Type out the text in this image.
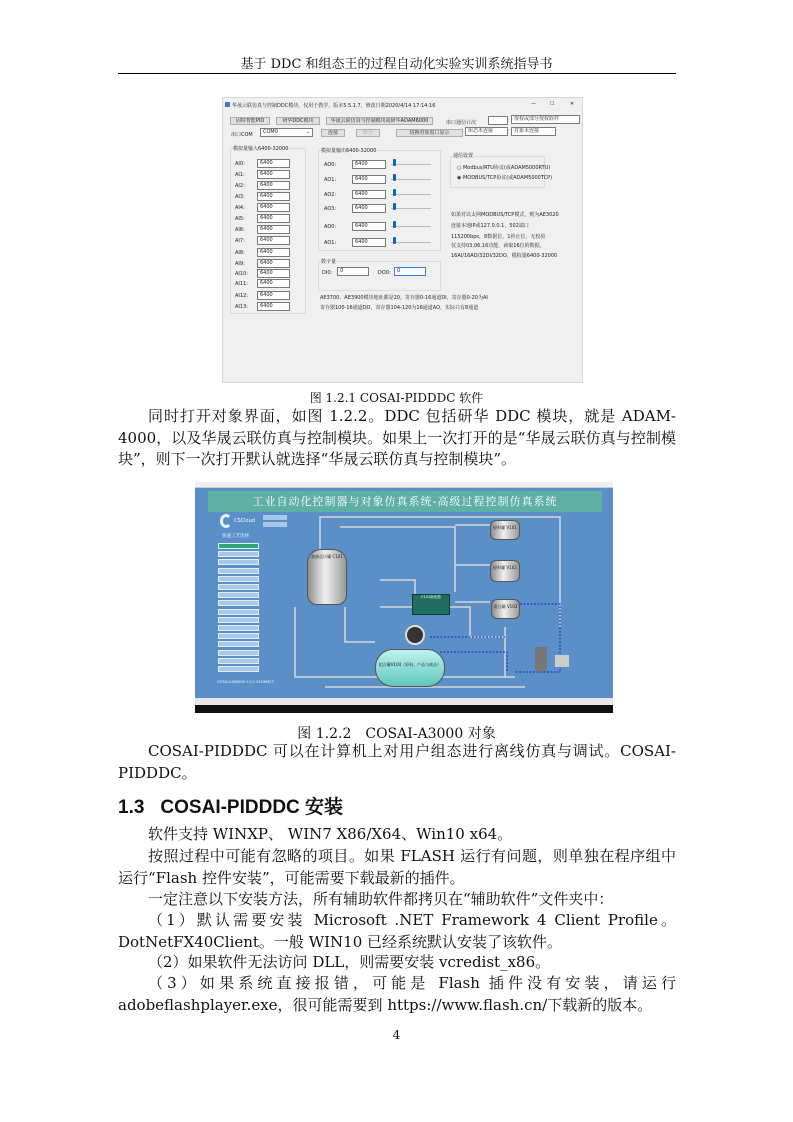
基于 DDC 和组态王的过程自动化实验实训系统指导书
华晟云联仿真与控制DDC模块，仅用于教学，版本5.5.1.7，修改日期2020/4/14 17:14:16	—	☐	✕
固特智能PID	研华DDC模块	华晟云联仿真与控制模块或研华ADAM6000	串口通信计次
授权或部分授权软件
串口COM	COM0	⌄	连接	断开	切换对象窗口显示	组态未连接	对象未连接
模拟量输入6400-32000	模拟量输出6400-32000
数字量
DI0:	0	DO0:	0
AE3700、AE3900模块地址都是20，寄存器0-16通道DI，寄存器0-20为AI
寄存器100-16通道DO，寄存器104-120为16通道AO，实际只有8通道
通信设置
○ Modbus/RTU协议(或ADAM5000RTU)
◉ MODBUS/TCP协议(或ADAM5000TCP)
如果对以太网MODBUS/TCP模式，则为AE3020
连接本地IP或127.0.0.1，502端口
115200bps，8数据位，1停止位，无校验
仅支持03,06,16功能，读取16位的数据，
16AI/16AO/32DI/32DO，模拟量6400-32000
AI0:	6400
AI1:	6400
AI2:	6400
AI3:	6400
AI4:	6400
AI5:	6400
AI6:	6400
AI7:	6400
AI8:	6400
AI9:	6400
AI10:	6400
AI11:	6400
AI12:	6400
AI13:	6400
AO0:	6400
AO1:	6400
AO2:	6400
AO3:	6400
AO0:	6400
AO1:	6400
图 1.2.1 COSAI-PIDDDC 软件
同时打开对象界面，如图 1.2.2。DDC 包括研华 DDC 模块，就是 ADAM-4000，以及华晟云联仿真与控制模块。如果上一次打开的是“华晟云联仿真与控制模块”，则下一次打开默认就选择“华晟云联仿真与控制模块”。
工业自动化控制器与对象仿真系统-高级过程控制仿真系统
CSCloud
快速工艺选择
COSAI A3000V5 1.0.1 20190617
加热反应罐 C101
原料罐 V101
原料罐 V102
混合罐 V103
组合罐V104（原料、产品与废品）
E101换热器
图 1.2.2　COSAI-A3000 对象
COSAI-PIDDDC 可以在计算机上对用户组态进行离线仿真与调试。COSAI-PIDDDC。
1.3 COSAI-PIDDDC 安装
软件支持 WINXP、 WIN7 X86/X64、Win10 x64。
按照过程中可能有忽略的项目。如果 FLASH 运行有问题，则单独在程序组中运行“Flash 控件安装”，可能需要下载最新的插件。
一定注意以下安装方法，所有辅助软件都拷贝在“辅助软件”文件夹中：
（1）默认需要安装 Microsoft .NET Framework 4 Client Profile。DotNetFX40Client。一般 WIN10 已经系统默认安装了该软件。
（2）如果软件无法访问 DLL，则需要安装 vcredist_x86。
（3）如果系统直接报错，可能是 Flash 插件没有安装，请运行 adobeflashplayer.exe，很可能需要到 https://www.flash.cn/下载新的版本。
4
